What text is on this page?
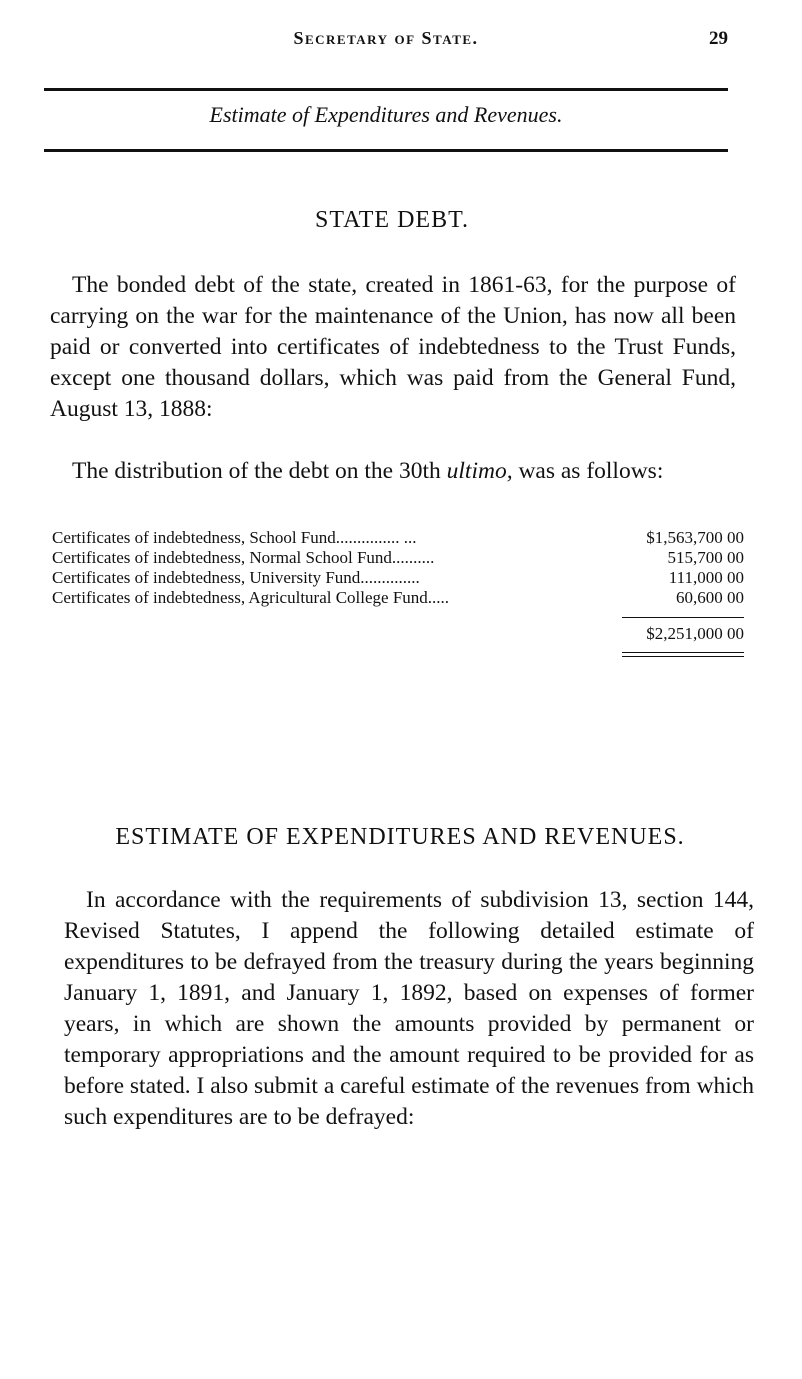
Secretary of State.	29
Estimate of Expenditures and Revenues.
STATE DEBT.
The bonded debt of the state, created in 1861-63, for the purpose of carrying on the war for the maintenance of the Union, has now all been paid or converted into certificates of indebtedness to the Trust Funds, except one thousand dollars, which was paid from the General Fund, August 13, 1888:
The distribution of the debt on the 30th ultimo, was as follows:
Certificates of indebtedness, School Fund............... ...	$1,563,700 00
Certificates of indebtedness, Normal School Fund..........	515,700 00
Certificates of indebtedness, University Fund..............	111,000 00
Certificates of indebtedness, Agricultural College Fund.....	60,600 00
$2,251,000 00
ESTIMATE OF EXPENDITURES AND REVENUES.
In accordance with the requirements of subdivision 13, section 144, Revised Statutes, I append the following detailed estimate of expenditures to be defrayed from the treasury during the years beginning January 1, 1891, and January 1, 1892, based on expenses of former years, in which are shown the amounts provided by permanent or temporary appropriations and the amount required to be provided for as before stated. I also submit a careful estimate of the revenues from which such expenditures are to be defrayed:
